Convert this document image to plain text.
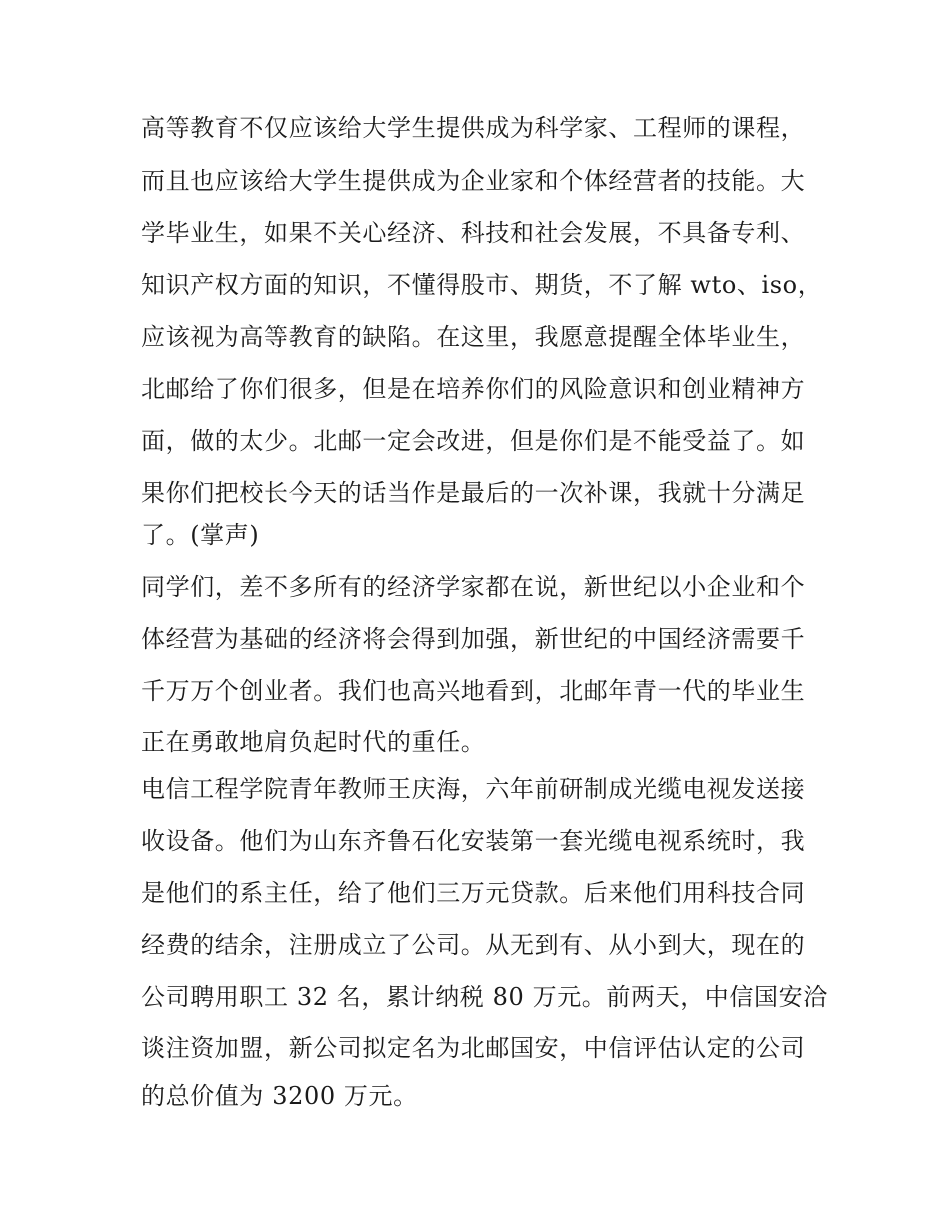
高等教育不仅应该给大学生提供成为科学家、工程师的课程，
而且也应该给大学生提供成为企业家和个体经营者的技能。大
学毕业生，如果不关心经济、科技和社会发展，不具备专利、
知识产权方面的知识，不懂得股市、期货，不了解 wto、iso，
应该视为高等教育的缺陷。在这里，我愿意提醒全体毕业生，
北邮给了你们很多，但是在培养你们的风险意识和创业精神方
面，做的太少。北邮一定会改进，但是你们是不能受益了。如
果你们把校长今天的话当作是最后的一次补课，我就十分满足
了。(掌声)
同学们，差不多所有的经济学家都在说，新世纪以小企业和个
体经营为基础的经济将会得到加强，新世纪的中国经济需要千
千万万个创业者。我们也高兴地看到，北邮年青一代的毕业生
正在勇敢地肩负起时代的重任。
电信工程学院青年教师王庆海，六年前研制成光缆电视发送接
收设备。他们为山东齐鲁石化安装第一套光缆电视系统时，我
是他们的系主任，给了他们三万元贷款。后来他们用科技合同
经费的结余，注册成立了公司。从无到有、从小到大，现在的
公司聘用职工 32 名，累计纳税 80 万元。前两天，中信国安洽
谈注资加盟，新公司拟定名为北邮国安，中信评估认定的公司
的总价值为 3200 万元。
